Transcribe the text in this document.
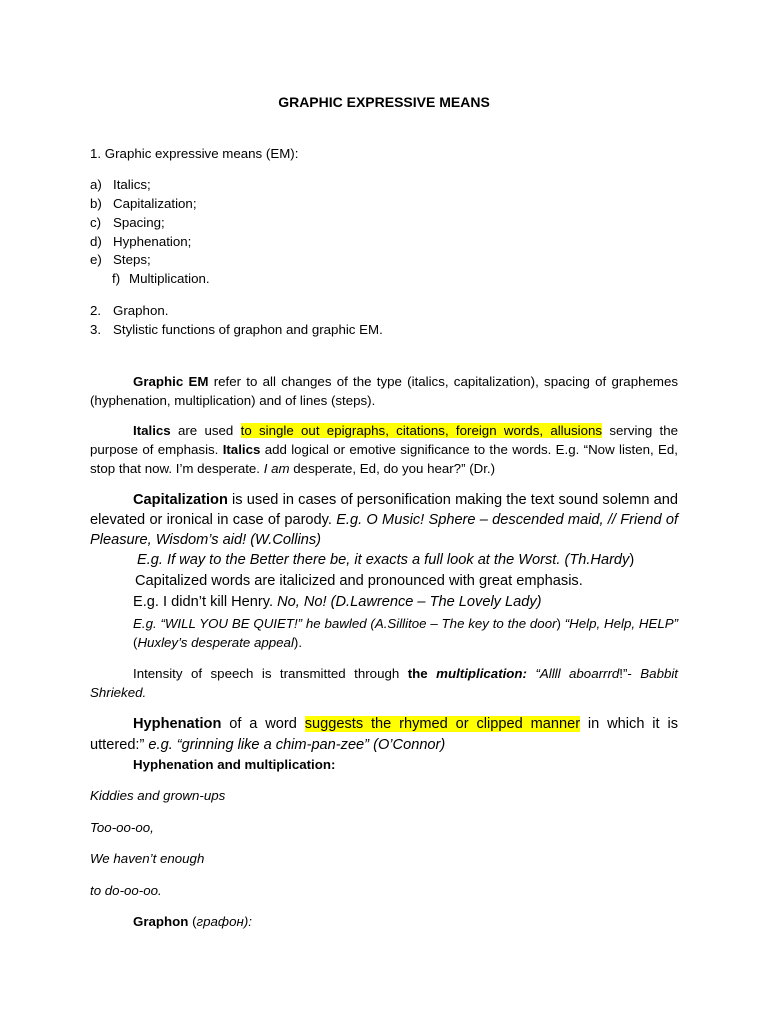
GRAPHIC EXPRESSIVE MEANS
1. Graphic expressive means (EM):
a) Italics;
b) Capitalization;
c) Spacing;
d) Hyphenation;
e) Steps;
f) Multiplication.
2. Graphon.
3. Stylistic functions of graphon and graphic EM.
Graphic EM refer to all changes of the type (italics, capitalization), spacing of graphemes (hyphenation, multiplication) and of lines (steps).
Italics are used to single out epigraphs, citations, foreign words, allusions serving the purpose of emphasis. Italics add logical or emotive significance to the words. E.g. “Now listen, Ed, stop that now. I’m desperate. I am desperate, Ed, do you hear?” (Dr.)
Capitalization is used in cases of personification making the text sound solemn and elevated or ironical in case of parody. E.g. O Music! Sphere – descended maid, // Friend of Pleasure, Wisdom’s aid! (W.Collins)
E.g. If way to the Better there be, it exacts a full look at the Worst. (Th.Hardy)
Capitalized words are italicized and pronounced with great emphasis.
E.g. I didn’t kill Henry. No, No! (D.Lawrence – The Lovely Lady)
E.g. “WILL YOU BE QUIET!” he bawled (A.Sillitoe – The key to the door) “Help, Help, HELP” (Huxley’s desperate appeal).
Intensity of speech is transmitted through the multiplication: “Allll aboarrrd!”- Babbit Shrieked.
Hyphenation of a word suggests the rhymed or clipped manner in which it is uttered:” e.g. “grinning like a chim-pan-zee” (O’Connor)
Hyphenation and multiplication:
Kiddies and grown-ups
Too-oo-oo,
We haven’t enough
to do-oo-oo.
Graphon (графон):
